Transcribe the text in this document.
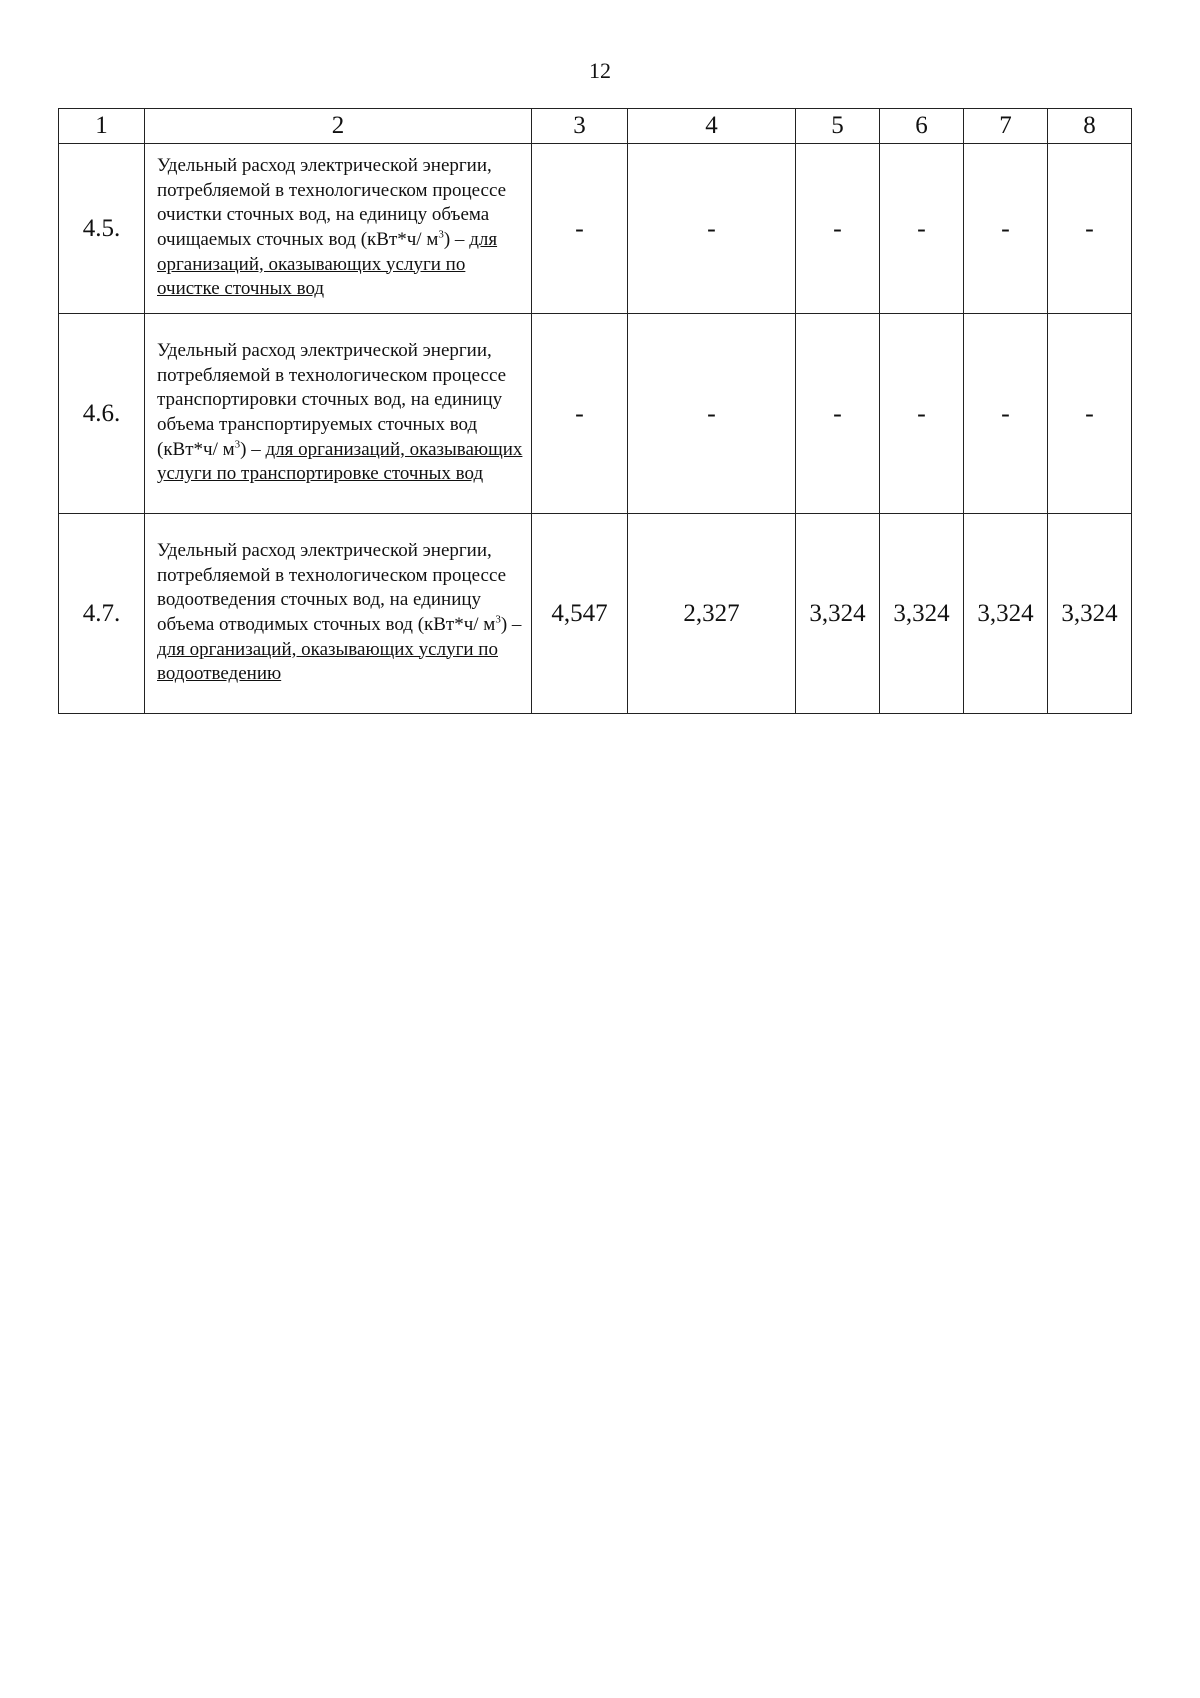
12
1	2	3	4	5	6	7	8
4.5.	Удельный расход электрической энергии, потребляемой в технологическом процессе очистки сточных вод, на единицу объема очищаемых сточных вод (кВт*ч/ $м^3$) – для организаций, оказывающих услуги по очистке сточных вод	-	-	-	-	-	-
4.6.	Удельный расход электрической энергии, потребляемой в технологическом процессе транспортировки сточных вод, на единицу объема транспортируемых сточных вод (кВт*ч/ $м^3$) – для организаций, оказывающих услуги по транспортировке сточных вод	-	-	-	-	-	-
4.7.	Удельный расход электрической энергии, потребляемой в технологическом процессе водоотведения сточных вод, на единицу объема отводимых сточных вод (кВт*ч/ $м^3$) – для организаций, оказывающих услуги по водоотведению	4,547	2,327	3,324	3,324	3,324	3,324
